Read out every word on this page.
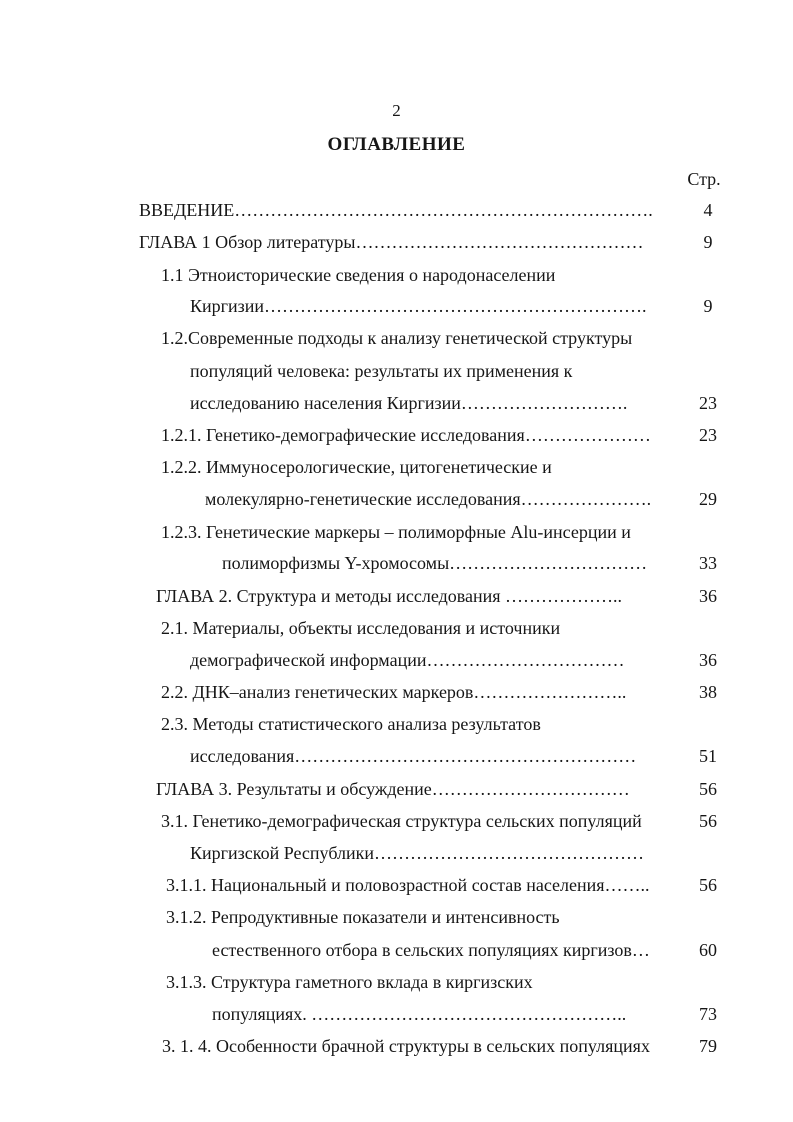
2
ОГЛАВЛЕНИЕ
Стр.
ВВЕДЕНИЕ…………………………………………………………….	4
ГЛАВА 1 Обзор литературы…………………………………………	9
1.1 Этноисторические сведения о народонаселении
Киргизии……………………………………………………….	9
1.2.Современные подходы к анализу генетической структуры
популяций человека: результаты их применения к
исследованию населения Киргизии……………………….	23
1.2.1. Генетико-демографические исследования…………………	23
1.2.2. Иммуносерологические, цитогенетические и
молекулярно-генетические исследования………………….	29
1.2.3. Генетические маркеры – полиморфные Alu-инсерции и
полиморфизмы Y-хромосомы……………………………	33
ГЛАВА 2. Структура и методы исследования ………………..	36
2.1. Материалы, объекты исследования и источники
демографической информации……………………………	36
2.2. ДНК–анализ генетических маркеров……………………..	38
2.3. Методы статистического анализа результатов
исследования…………………………………………………	51
ГЛАВА 3. Результаты и обсуждение……………………………	56
3.1. Генетико-демографическая структура сельских популяций	56
Киргизской Республики………………………………………
3.1.1. Национальный и половозрастной состав населения……..	56
3.1.2. Репродуктивные показатели и интенсивность
естественного отбора в сельских популяциях киргизов…	60
3.1.3. Структура гаметного вклада в киргизских
популяциях. ……………………………………………..	73
3. 1. 4. Особенности брачной структуры в сельских популяциях	79
